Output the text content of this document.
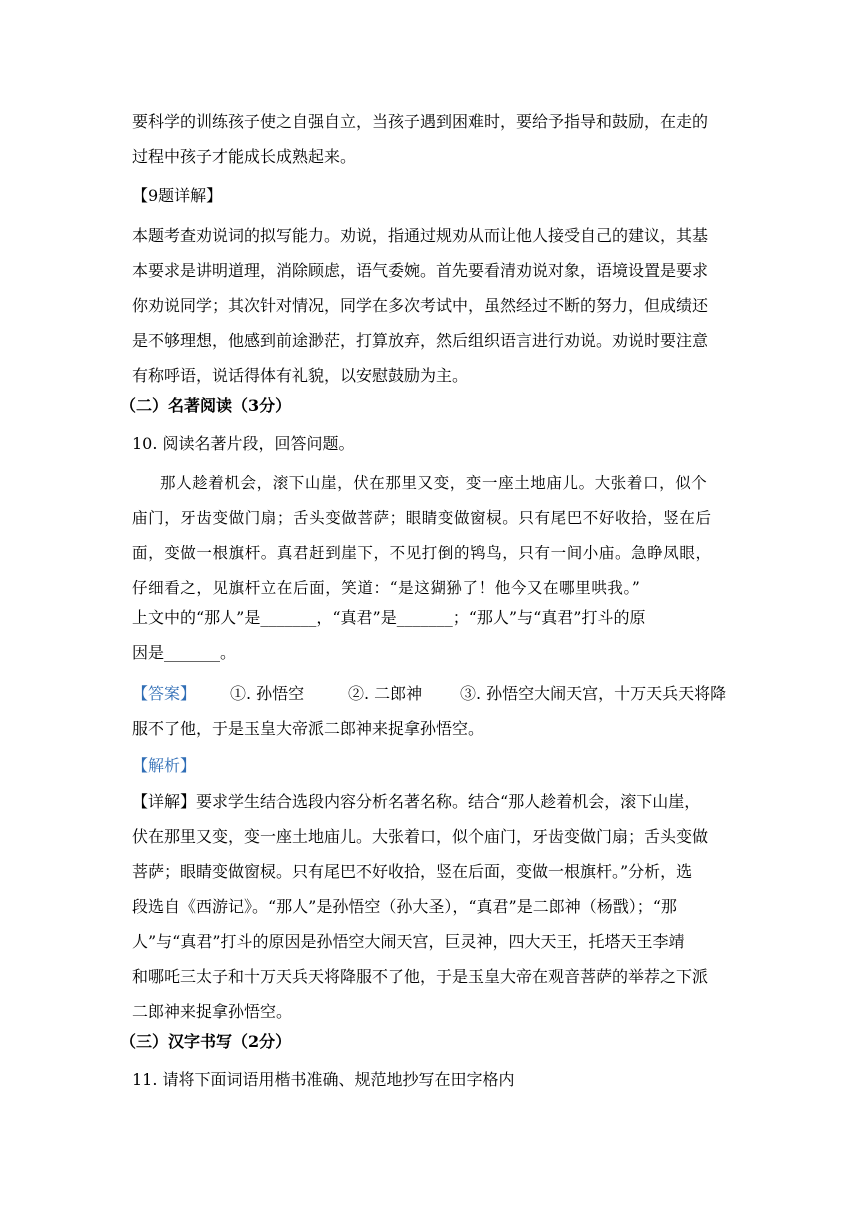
要科学的训练孩子使之自强自立，当孩子遇到困难时，要给予指导和鼓励，在走的

过程中孩子才能成长成熟起来。

【9题详解】

本题考查劝说词的拟写能力。劝说，指通过规劝从而让他人接受自己的建议，其基

本要求是讲明道理，消除顾虑，语气委婉。首先要看清劝说对象，语境设置是要求

你劝说同学；其次针对情况，同学在多次考试中，虽然经过不断的努力，但成绩还

是不够理想，他感到前途渺茫，打算放弃，然后组织语言进行劝说。劝说时要注意

有称呼语，说话得体有礼貌，以安慰鼓励为主。

（二）名著阅读（3分）

10. 阅读名著片段，回答问题。

那人趁着机会，滚下山崖，伏在那里又变，变一座土地庙儿。大张着口，似个

庙门，牙齿变做门扇；舌头变做菩萨；眼睛变做窗棂。只有尾巴不好收拾，竖在后

面，变做一根旗杆。真君赶到崖下，不见打倒的鸨鸟，只有一间小庙。急睁凤眼，

仔细看之，见旗杆立在后面，笑道：“是这猢狲了！他今又在哪里哄我。”

上文中的“那人”是_______，“真君”是_______；“那人”与“真君”打斗的原

因是_______。

【答案】 ①. 孙悟空	②. 二郎神 ③. 孙悟空大闹天宫，十万天兵天将降

服不了他，于是玉皇大帝派二郎神来捉拿孙悟空。

【解析】

【详解】要求学生结合选段内容分析名著名称。结合“那人趁着机会，滚下山崖，

伏在那里又变，变一座土地庙儿。大张着口，似个庙门，牙齿变做门扇；舌头变做

菩萨；眼睛变做窗棂。只有尾巴不好收拾，竖在后面，变做一根旗杆。”分析，选

段选自《西游记》。“那人”是孙悟空（孙大圣），“真君”是二郎神（杨戬）；“那

人”与“真君”打斗的原因是孙悟空大闹天宫，巨灵神，四大天王，托塔天王李靖

和哪吒三太子和十万天兵天将降服不了他，于是玉皇大帝在观音菩萨的举荐之下派

二郎神来捉拿孙悟空。

（三）汉字书写（2分）

11. 请将下面词语用楷书准确、规范地抄写在田字格内
